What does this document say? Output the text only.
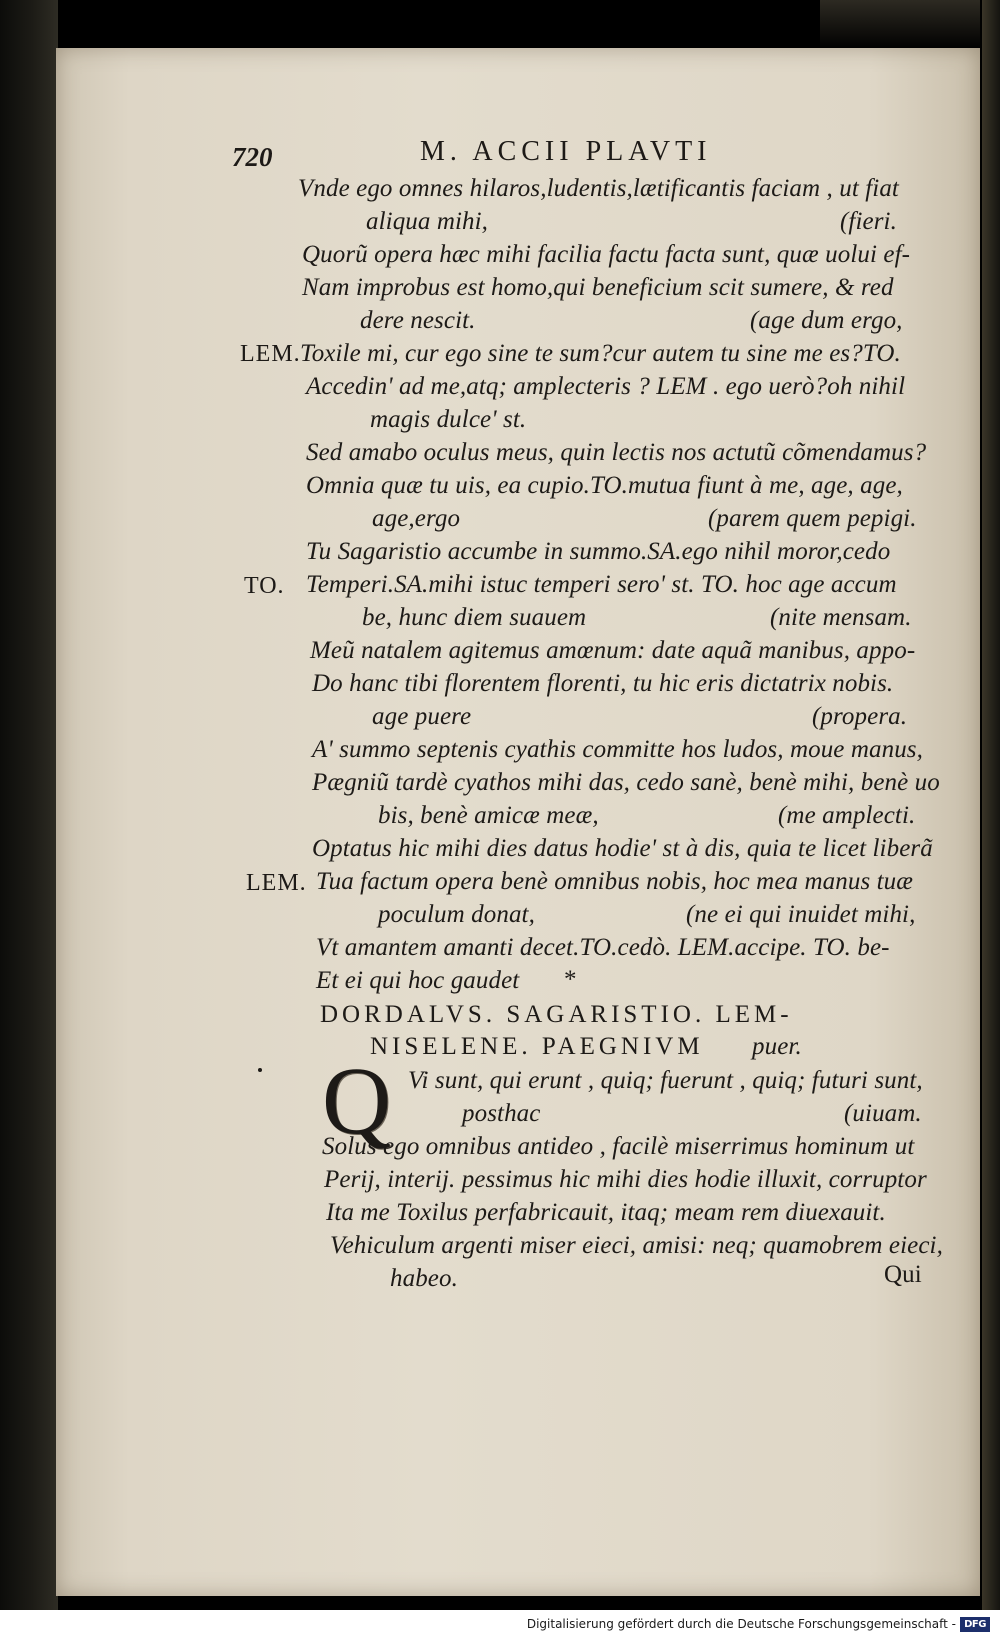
720	M. ACCII PLAVTI
Vnde ego omnes hilaros,ludentis,lætificantis faciam , ut fiat
aliqua mihi,	(fieri.
Quorũ opera hæc mihi facilia factu facta sunt, quæ uolui ef-
Nam improbus est homo,qui beneficium scit sumere, & red
dere nescit.	(age dum ergo,
LEM. Toxile mi, cur ego sine te sum?cur autem tu sine me es?TO.
Accedin' ad me,atq; amplecteris ? LEM . ego uerò?oh nihil
magis dulce' st.
Sed amabo oculus meus, quin lectis nos actutũ cõmendamus?
Omnia quæ tu uis, ea cupio.TO.mutua fiunt à me, age, age,
age,ergo	(parem quem pepigi.
Tu Sagaristio accumbe in summo.SA.ego nihil moror,cedo
TO. Temperi.SA.mihi istuc temperi sero' st. TO. hoc age accum
be, hunc diem suauem	(nite mensam.
Meũ natalem agitemus amœnum: date aquã manibus, appo-
Do hanc tibi florentem florenti, tu hic eris dictatrix nobis.
age puere	(propera.
A' summo septenis cyathis committe hos ludos, moue manus,
Pægniũ tardè cyathos mihi das, cedo sanè, benè mihi, benè uo
bis, benè amicæ meæ,	(me amplecti.
Optatus hic mihi dies datus hodie' st à dis, quia te licet liberã
LEM. Tua factum opera benè omnibus nobis, hoc mea manus tuæ
poculum donat,	(ne ei qui inuidet mihi,
Vt amantem amanti decet.TO.cedò. LEM.accipe. TO. be-
Et ei qui hoc gaudet *
DORDALVS. SAGARISTIO. LEM-
NISELENE. PAEGNIVM puer.
Q Vi sunt, qui erunt , quiq; fuerunt , quiq; futuri sunt,
posthac	(uiuam.
Solus ego omnibus antideo , facilè miserrimus hominum ut
Perij, interij. pessimus hic mihi dies hodie illuxit, corruptor
Ita me Toxilus perfabricauit, itaq; meam rem diuexauit.
Vehiculum argenti miser eieci, amisi: neq; quamobrem eieci,
habeo.	Qui
Digitalisierung gefördert durch die Deutsche Forschungsgemeinschaft - DFG
